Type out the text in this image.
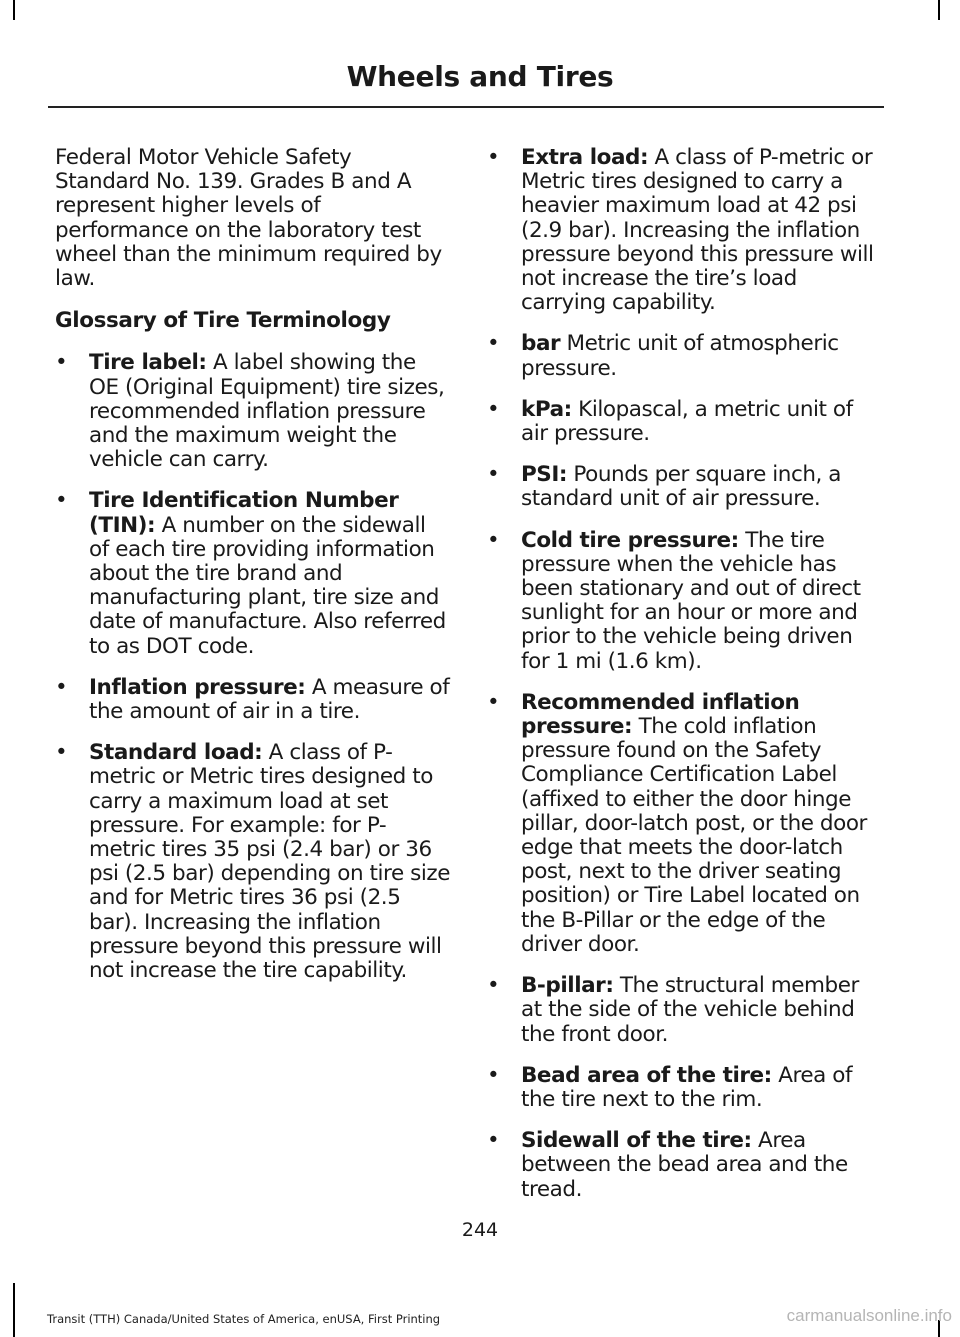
Wheels and Tires

Federal Motor Vehicle Safety Standard No. 139. Grades B and A represent higher levels of performance on the laboratory test wheel than the minimum required by law.

Glossary of Tire Terminology
• Tire label: A label showing the OE (Original Equipment) tire sizes, recommended inflation pressure and the maximum weight the vehicle can carry.
• Tire Identification Number (TIN): A number on the sidewall of each tire providing information about the tire brand and manufacturing plant, tire size and date of manufacture. Also referred to as DOT code.
• Inflation pressure: A measure of the amount of air in a tire.
• Standard load: A class of P-metric or Metric tires designed to carry a maximum load at set pressure. For example: for P-metric tires 35 psi (2.4 bar) or 36 psi (2.5 bar) depending on tire size and for Metric tires 36 psi (2.5 bar). Increasing the inflation pressure beyond this pressure will not increase the tire capability.
• Extra load: A class of P-metric or Metric tires designed to carry a heavier maximum load at 42 psi (2.9 bar). Increasing the inflation pressure beyond this pressure will not increase the tire’s load carrying capability.
• bar Metric unit of atmospheric pressure.
• kPa: Kilopascal, a metric unit of air pressure.
• PSI: Pounds per square inch, a standard unit of air pressure.
• Cold tire pressure: The tire pressure when the vehicle has been stationary and out of direct sunlight for an hour or more and prior to the vehicle being driven for 1 mi (1.6 km).
• Recommended inflation pressure: The cold inflation pressure found on the Safety Compliance Certification Label (affixed to either the door hinge pillar, door-latch post, or the door edge that meets the door-latch post, next to the driver seating position) or Tire Label located on the B-Pillar or the edge of the driver door.
• B-pillar: The structural member at the side of the vehicle behind the front door.
• Bead area of the tire: Area of the tire next to the rim.
• Sidewall of the tire: Area between the bead area and the tread.
244
Transit (TTH) Canada/United States of America, enUSA, First Printing	carmanualsonline.info
